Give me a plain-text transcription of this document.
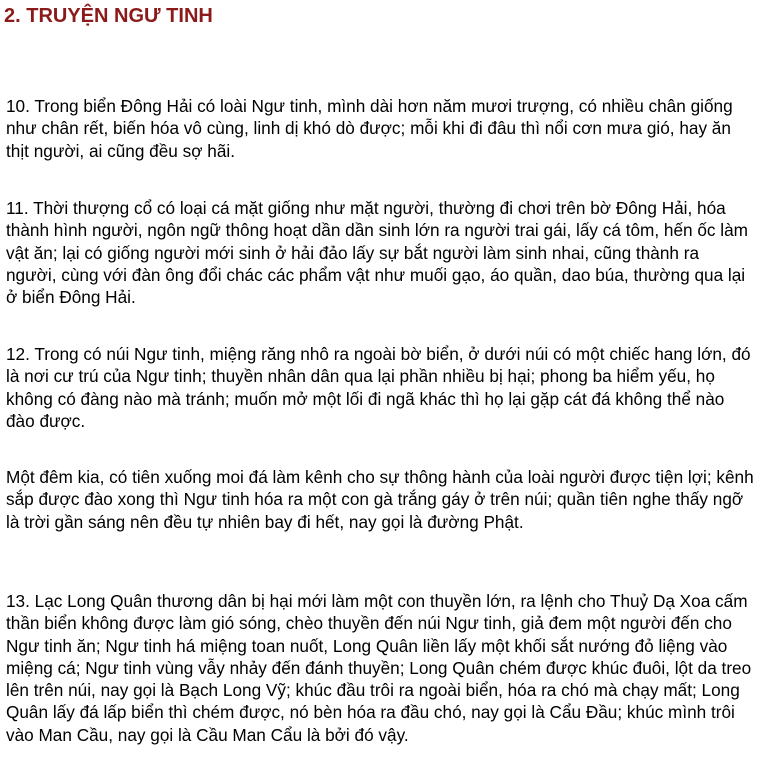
2. TRUYỆN NGƯ TINH

10. Trong biển Đông Hải có loài Ngư tinh, mình dài hơn năm mươi trượng, có nhiều chân giống như chân rết, biến hóa vô cùng, linh dị khó dò được; mỗi khi đi đâu thì nổi cơn mưa gió, hay ăn thịt người, ai cũng đều sợ hãi.

11. Thời thượng cổ có loại cá mặt giống như mặt người, thường đi chơi trên bờ Đông Hải, hóa thành hình người, ngôn ngữ thông hoạt dần dần sinh lớn ra người trai gái, lấy cá tôm, hến ốc làm vật ăn; lại có giống người mới sinh ở hải đảo lấy sự bắt người làm sinh nhai, cũng thành ra người, cùng với đàn ông đổi chác các phẩm vật như muối gạo, áo quần, dao búa, thường qua lại ở biển Đông Hải.

12. Trong có núi Ngư tinh, miệng răng nhô ra ngoài bờ biển, ở dưới núi có một chiếc hang lớn, đó là nơi cư trú của Ngư tinh; thuyền nhân dân qua lại phần nhiều bị hại; phong ba hiểm yếu, họ không có đàng nào mà tránh; muốn mở một lối đi ngã khác thì họ lại gặp cát đá không thể nào đào được.

Một đêm kia, có tiên xuống moi đá làm kênh cho sự thông hành của loài người được tiện lợi; kênh sắp được đào xong thì Ngư tinh hóa ra một con gà trắng gáy ở trên núi; quần tiên nghe thấy ngỡ là trời gần sáng nên đều tự nhiên bay đi hết, nay gọi là đường Phật.

13. Lạc Long Quân thương dân bị hại mới làm một con thuyền lớn, ra lệnh cho Thuỷ Dạ Xoa cấm thần biển không được làm gió sóng, chèo thuyền đến núi Ngư tinh, giả đem một người đến cho Ngư tinh ăn; Ngư tinh há miệng toan nuốt, Long Quân liền lấy một khối sắt nướng đỏ liệng vào miệng cá; Ngư tinh vùng vẫy nhảy đến đánh thuyền; Long Quân chém được khúc đuôi, lột da treo lên trên núi, nay gọi là Bạch Long Vỹ; khúc đầu trôi ra ngoài biển, hóa ra chó mà chạy mất; Long Quân lấy đá lấp biển thì chém được, nó bèn hóa ra đầu chó, nay gọi là Cẩu Đầu; khúc mình trôi vào Man Cầu, nay gọi là Cầu Man Cẩu là bởi đó vậy.
